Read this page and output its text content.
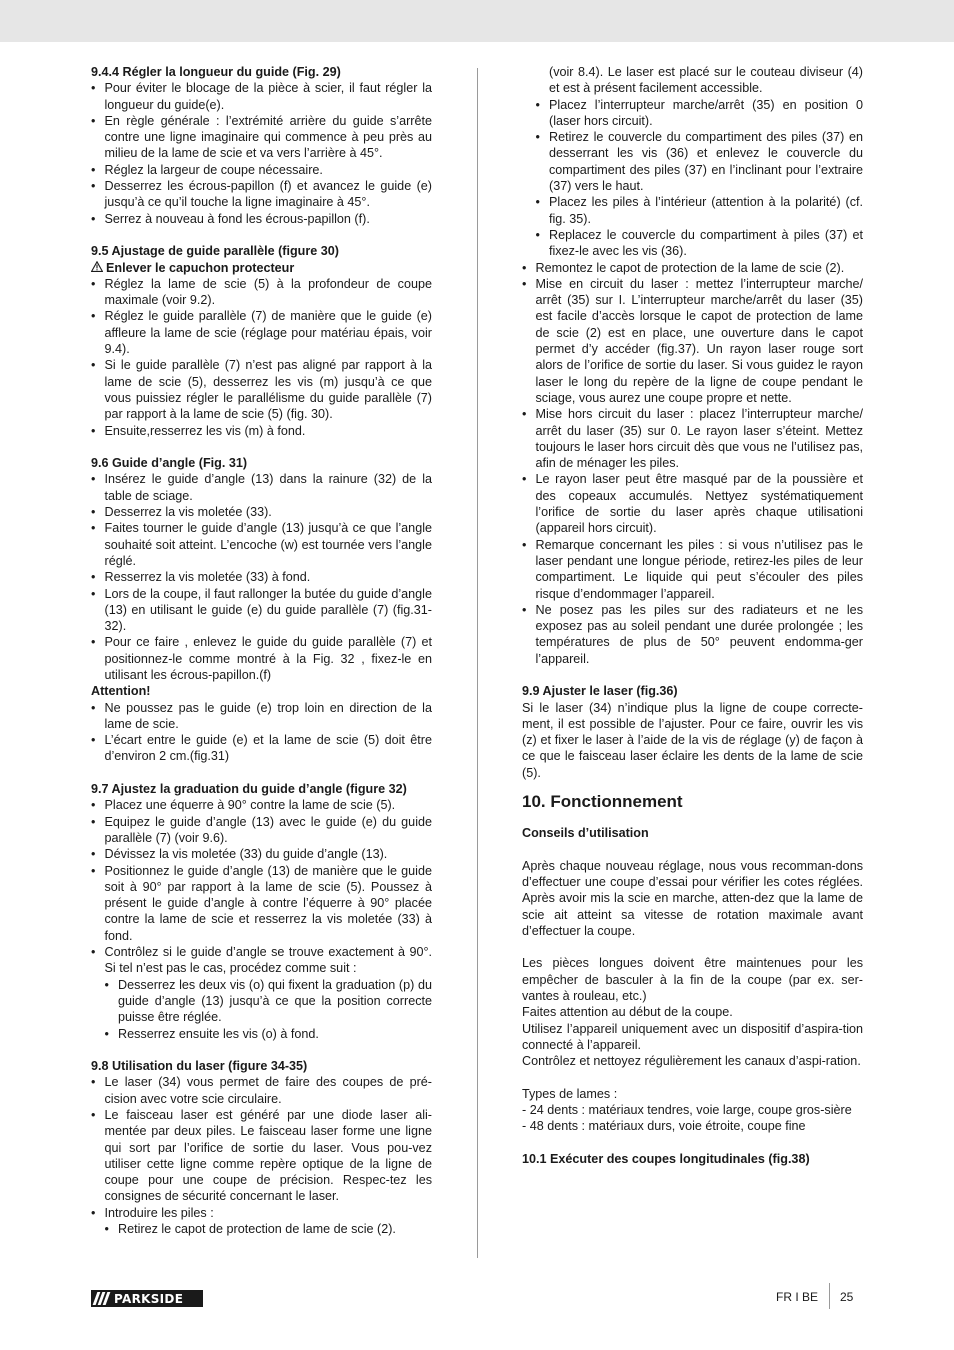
9.4.4 Régler la longueur du guide (Fig. 29)
• Pour éviter le blocage de la pièce à scier, il faut régler la longueur du guide(e).
• En règle générale : l’extrémité arrière du guide s’arrête contre une ligne imaginaire qui commence à peu près au milieu de la lame de scie et va vers l’arrière à 45°.
• Réglez la largeur de coupe nécessaire.
• Desserrez les écrous-papillon (f) et avancez le guide (e) jusqu’à ce qu’il touche la ligne imaginaire à 45°.
• Serrez à nouveau à fond les écrous-papillon (f).
9.5 Ajustage de guide parallèle (figure 30)
Enlever le capuchon protecteur
• Réglez la lame de scie (5) à la profondeur de coupe maximale (voir 9.2).
• Réglez le guide parallèle (7) de manière que le guide (e) affleure la lame de scie (réglage pour matériau épais, voir 9.4).
• Si le guide parallèle (7) n’est pas aligné par rapport à la lame de scie (5), desserrez les vis (m) jusqu’à ce que vous puissiez régler le parallélisme du guide parallèle (7) par rapport à la lame de scie (5) (fig. 30).
• Ensuite,resserrez les vis (m) à fond.
9.6 Guide d’angle (Fig. 31)
• Insérez le guide d’angle (13) dans la rainure (32) de la table de sciage.
• Desserrez la vis moletée (33).
• Faites tourner le guide d’angle (13) jusqu’à ce que l’angle souhaité soit atteint. L’encoche (w) est tournée vers l’angle réglé.
• Resserrez la vis moletée (33) à fond.
• Lors de la coupe, il faut rallonger la butée du guide d’angle (13) en utilisant le guide (e) du guide parallèle (7) (fig.31-32).
• Pour ce faire , enlevez le guide du guide parallèle (7) et positionnez-le comme montré à la Fig. 32 , fixez-le en utilisant les écrous-papillon.(f)
Attention!
• Ne poussez pas le guide (e) trop loin en direction de la lame de scie.
• L’écart entre le guide (e) et la lame de scie (5) doit être d’environ 2 cm.(fig.31)
9.7 Ajustez la graduation du guide d’angle (figure 32)
• Placez une équerre à 90° contre la lame de scie (5).
• Equipez le guide d’angle (13) avec le guide (e) du guide parallèle (7) (voir 9.6).
• Dévissez la vis moletée (33) du guide d’angle (13).
• Positionnez le guide d’angle (13) de manière que le guide soit à 90° par rapport à la lame de scie (5). Poussez à présent le guide d’angle à contre l’équerre à 90° placée contre la lame de scie et resserrez la vis moletée (33) à fond.
• Contrôlez si le guide d’angle se trouve exactement à 90°. Si tel n’est pas le cas, procédez comme suit :
• Desserrez les deux vis (o) qui fixent la graduation (p) du guide d’angle (13) jusqu’à ce que la position correcte puisse être réglée.
• Resserrez ensuite les vis (o) à fond.
9.8 Utilisation du laser (figure 34-35)
• Le laser (34) vous permet de faire des coupes de pré-cision avec votre scie circulaire.
• Le faisceau laser est généré par une diode laser ali-mentée par deux piles. Le faisceau laser forme une ligne qui sort par l’orifice de sortie du laser. Vous pou-vez utiliser cette ligne comme repère optique de la ligne de coupe pour une coupe de précision. Respec-tez les consignes de sécurité concernant le laser.
• Introduire les piles :
• Retirez le capot de protection de lame de scie (2).

(voir 8.4). Le laser est placé sur le couteau diviseur (4) et est à présent facilement accessible.

• Placez l’interrupteur marche/arrêt (35) en position 0 (laser hors circuit).
• Retirez le couvercle du compartiment des piles (37) en desserrant les vis (36) et enlevez le couvercle du compartiment des piles (37) en l’inclinant pour l’extraire (37) vers le haut.
• Placez les piles à l’intérieur (attention à la polarité) (cf. fig. 35).
• Replacez le couvercle du compartiment à piles (37) et fixez-le avec les vis (36).
• Remontez le capot de protection de la lame de scie (2).
• Mise en circuit du laser : mettez l’interrupteur marche/ arrêt (35) sur I. L’interrupteur marche/arrêt du laser (35) est facile d’accès lorsque le capot de protection de lame de scie (2) est en place, une ouverture dans le capot permet d’y accéder (fig.37). Un rayon laser rouge sort alors de l’orifice de sortie du laser. Si vous guidez le rayon laser le long du repère de la ligne de coupe pendant le sciage, vous aurez une coupe propre et nette.
• Mise hors circuit du laser : placez l’interrupteur marche/ arrêt du laser (35) sur 0. Le rayon laser s’éteint. Mettez toujours le laser hors circuit dès que vous ne l’utilisez pas, afin de ménager les piles.
• Le rayon laser peut être masqué par de la poussière et des copeaux accumulés. Nettyez systématiquement l’orifice de sortie du laser après chaque utilisationi (appareil hors circuit).
• Remarque concernant les piles : si vous n’utilisez pas le laser pendant une longue période, retirez-les piles de leur compartiment. Le liquide qui peut s’écouler des piles risque d’endommager l’appareil.
• Ne posez pas les piles sur des radiateurs et ne les exposez pas au soleil pendant une durée prolongée ; les températures de plus de 50° peuvent endomma-ger l’appareil.
9.9 Ajuster le laser (fig.36)

Si le laser (34) n’indique plus la ligne de coupe correcte-ment, il est possible de l’ajuster. Pour ce faire, ouvrir les vis (z) et fixer le laser à l’aide de la vis de réglage (y) de façon à ce que le faisceau laser éclaire les dents de la lame de scie (5).

10. Fonctionnement
Conseils d’utilisation

Après chaque nouveau réglage, nous vous recomman-dons d’effectuer une coupe d’essai pour vérifier les cotes réglées. Après avoir mis la scie en marche, atten-dez que la lame de scie ait atteint sa vitesse de rotation maximale avant d’effectuer la coupe.

Les pièces longues doivent être maintenues pour les empêcher de basculer à la fin de la coupe (par ex. ser-vantes à rouleau, etc.)

Faites attention au début de la coupe.

Utilisez l’appareil uniquement avec un dispositif d’aspira-tion connecté à l’appareil.

Contrôlez et nettoyez régulièrement les canaux d’aspi-ration.

Types de lames :

- 24 dents : matériaux tendres, voie large, coupe gros-sière

- 48 dents : matériaux durs, voie étroite, coupe fine

10.1 Exécuter des coupes longitudinales (fig.38)
PARKSIDE	FR I BE 25
